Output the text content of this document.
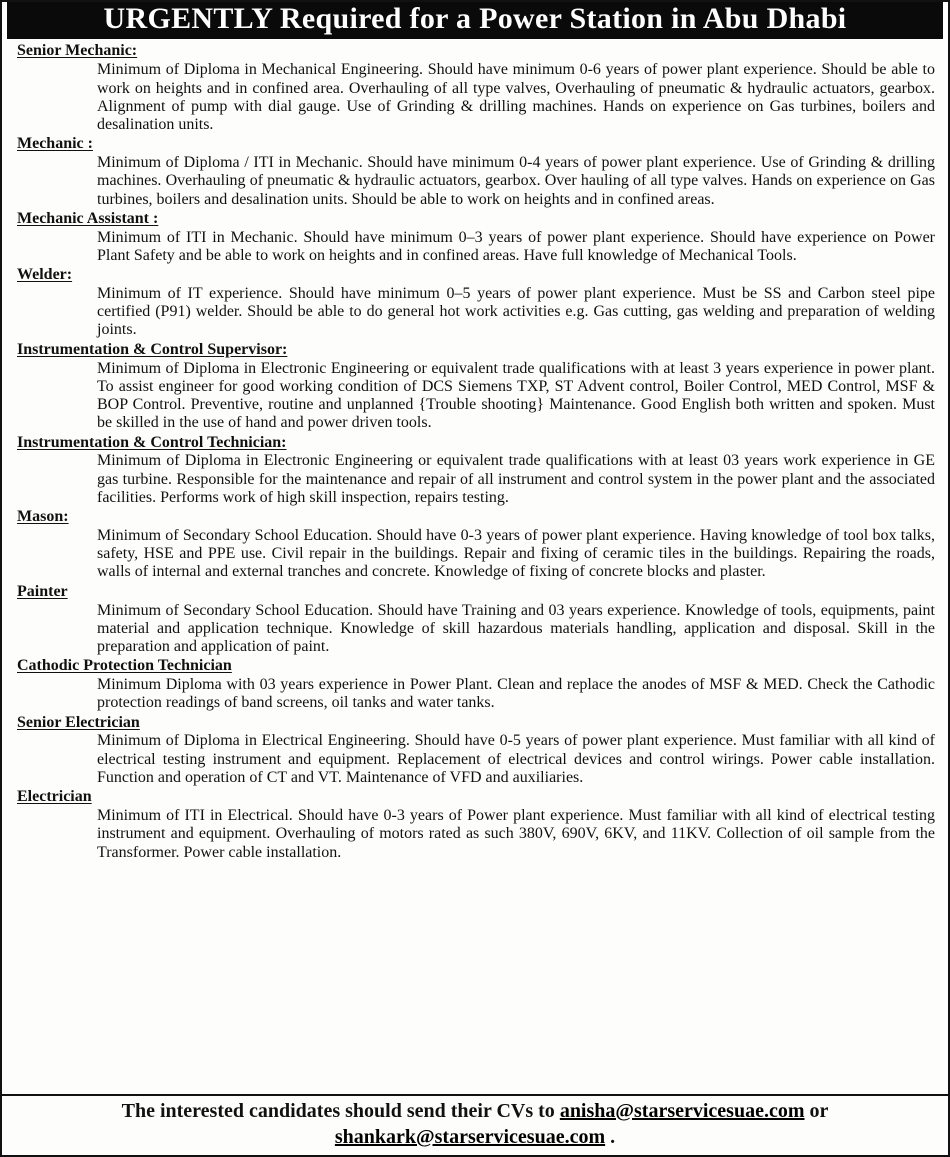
URGENTLY Required for a Power Station in Abu Dhabi
Senior Mechanic:

Minimum of Diploma in Mechanical Engineering. Should have minimum 0-6 years of power plant experience. Should be able to work on heights and in confined area. Overhauling of all type valves, Overhauling of pneumatic & hydraulic actuators, gearbox. Alignment of pump with dial gauge. Use of Grinding & drilling machines. Hands on experience on Gas turbines, boilers and desalination units.

Mechanic :

Minimum of Diploma / ITI in Mechanic. Should have minimum 0-4 years of power plant experience. Use of Grinding & drilling machines. Overhauling of pneumatic & hydraulic actuators, gearbox. Over hauling of all type valves. Hands on experience on Gas turbines, boilers and desalination units. Should be able to work on heights and in confined areas.

Mechanic Assistant :

Minimum of ITI in Mechanic. Should have minimum 0–3 years of power plant experience. Should have experience on Power Plant Safety and be able to work on heights and in confined areas. Have full knowledge of Mechanical Tools.

Welder:

Minimum of IT experience. Should have minimum 0–5 years of power plant experience. Must be SS and Carbon steel pipe certified (P91) welder. Should be able to do general hot work activities e.g. Gas cutting, gas welding and preparation of welding joints.

Instrumentation & Control Supervisor:

Minimum of Diploma in Electronic Engineering or equivalent trade qualifications with at least 3 years experience in power plant. To assist engineer for good working condition of DCS Siemens TXP, ST Advent control, Boiler Control, MED Control, MSF & BOP Control. Preventive, routine and unplanned {Trouble shooting} Maintenance. Good English both written and spoken. Must be skilled in the use of hand and power driven tools.

Instrumentation & Control Technician:

Minimum of Diploma in Electronic Engineering or equivalent trade qualifications with at least 03 years work experience in GE gas turbine. Responsible for the maintenance and repair of all instrument and control system in the power plant and the associated facilities. Performs work of high skill inspection, repairs testing.

Mason:

Minimum of Secondary School Education. Should have 0-3 years of power plant experience. Having knowledge of tool box talks, safety, HSE and PPE use. Civil repair in the buildings. Repair and fixing of ceramic tiles in the buildings. Repairing the roads, walls of internal and external tranches and concrete. Knowledge of fixing of concrete blocks and plaster.

Painter

Minimum of Secondary School Education. Should have Training and 03 years experience. Knowledge of tools, equipments, paint material and application technique. Knowledge of skill hazardous materials handling, application and disposal. Skill in the preparation and application of paint.

Cathodic Protection Technician

Minimum Diploma with 03 years experience in Power Plant. Clean and replace the anodes of MSF & MED. Check the Cathodic protection readings of band screens, oil tanks and water tanks.

Senior Electrician

Minimum of Diploma in Electrical Engineering. Should have 0-5 years of power plant experience. Must familiar with all kind of electrical testing instrument and equipment. Replacement of electrical devices and control wirings. Power cable installation. Function and operation of CT and VT. Maintenance of VFD and auxiliaries.

Electrician

Minimum of ITI in Electrical. Should have 0-3 years of Power plant experience. Must familiar with all kind of electrical testing instrument and equipment. Overhauling of motors rated as such 380V, 690V, 6KV, and 11KV. Collection of oil sample from the Transformer. Power cable installation.

The interested candidates should send their CVs to anisha@starservicesuae.com or
shankark@starservicesuae.com .
